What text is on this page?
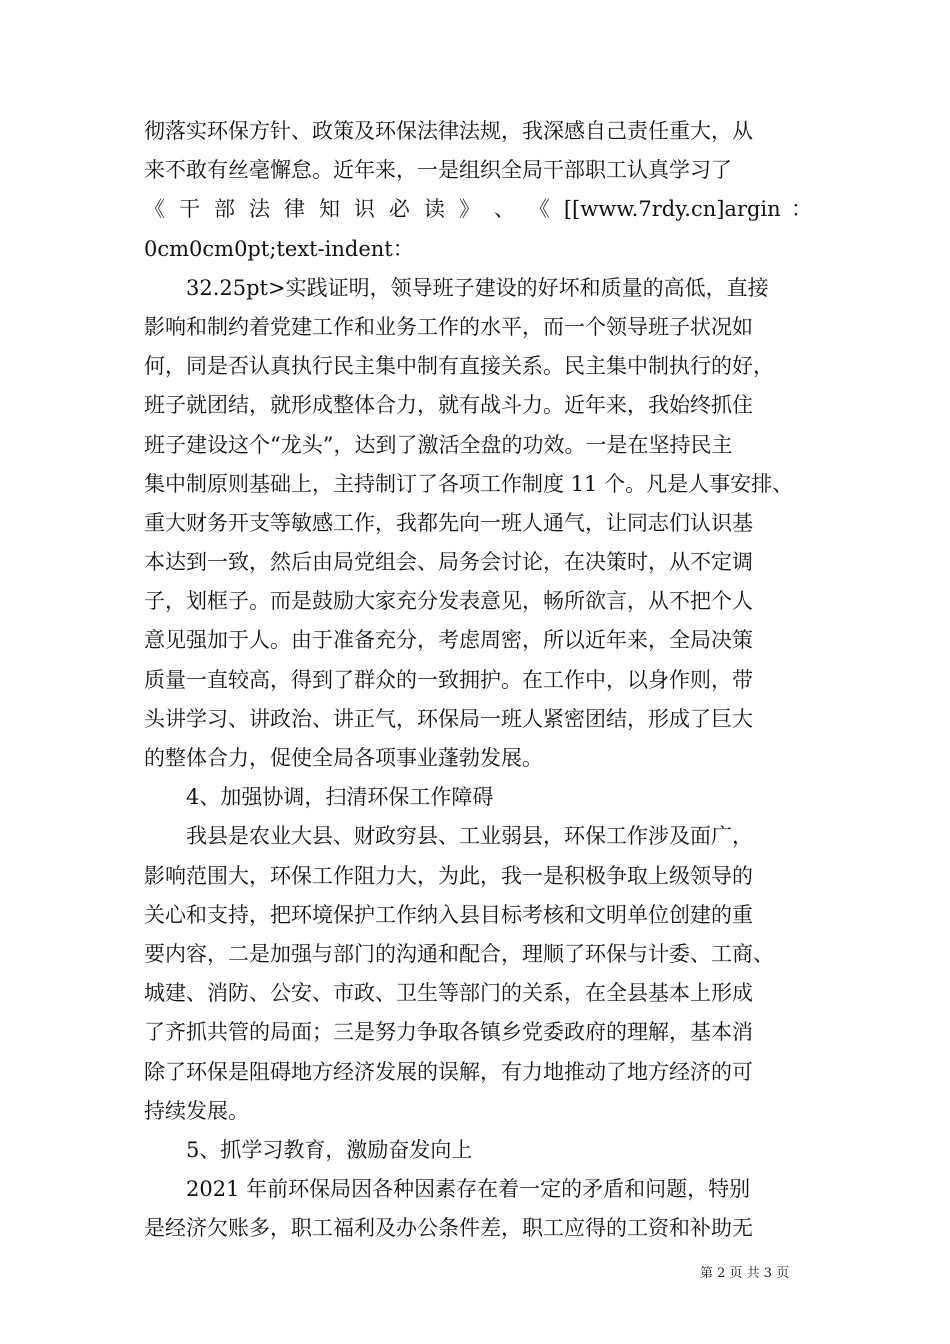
彻落实环保方针、政策及环保法律法规，我深感自己责任重大，从
来不敢有丝毫懈怠。近年来，一是组织全局干部职工认真学习了
《 干 部 法 律 知 识 必 读 》 、 《 [[www.7rdy.cn]argin ：
0cm0cm0pt;text-indent：
32.25pt>实践证明，领导班子建设的好坏和质量的高低，直接
影响和制约着党建工作和业务工作的水平，而一个领导班子状况如
何，同是否认真执行民主集中制有直接关系。民主集中制执行的好，
班子就团结，就形成整体合力，就有战斗力。近年来，我始终抓住
班子建设这个“龙头”，达到了激活全盘的功效。一是在坚持民主
集中制原则基础上，主持制订了各项工作制度 11 个。凡是人事安排、
重大财务开支等敏感工作，我都先向一班人通气，让同志们认识基
本达到一致，然后由局党组会、局务会讨论，在决策时，从不定调
子，划框子。而是鼓励大家充分发表意见，畅所欲言，从不把个人
意见强加于人。由于准备充分，考虑周密，所以近年来，全局决策
质量一直较高，得到了群众的一致拥护。在工作中，以身作则，带
头讲学习、讲政治、讲正气，环保局一班人紧密团结，形成了巨大
的整体合力，促使全局各项事业蓬勃发展。
4、加强协调，扫清环保工作障碍
我县是农业大县、财政穷县、工业弱县，环保工作涉及面广，
影响范围大，环保工作阻力大，为此，我一是积极争取上级领导的
关心和支持，把环境保护工作纳入县目标考核和文明单位创建的重
要内容，二是加强与部门的沟通和配合，理顺了环保与计委、工商、
城建、消防、公安、市政、卫生等部门的关系，在全县基本上形成
了齐抓共管的局面；三是努力争取各镇乡党委政府的理解，基本消
除了环保是阻碍地方经济发展的误解，有力地推动了地方经济的可
持续发展。
5、抓学习教育，激励奋发向上
2021 年前环保局因各种因素存在着一定的矛盾和问题，特别
是经济欠账多，职工福利及办公条件差，职工应得的工资和补助无
第 2 页 共 3 页
